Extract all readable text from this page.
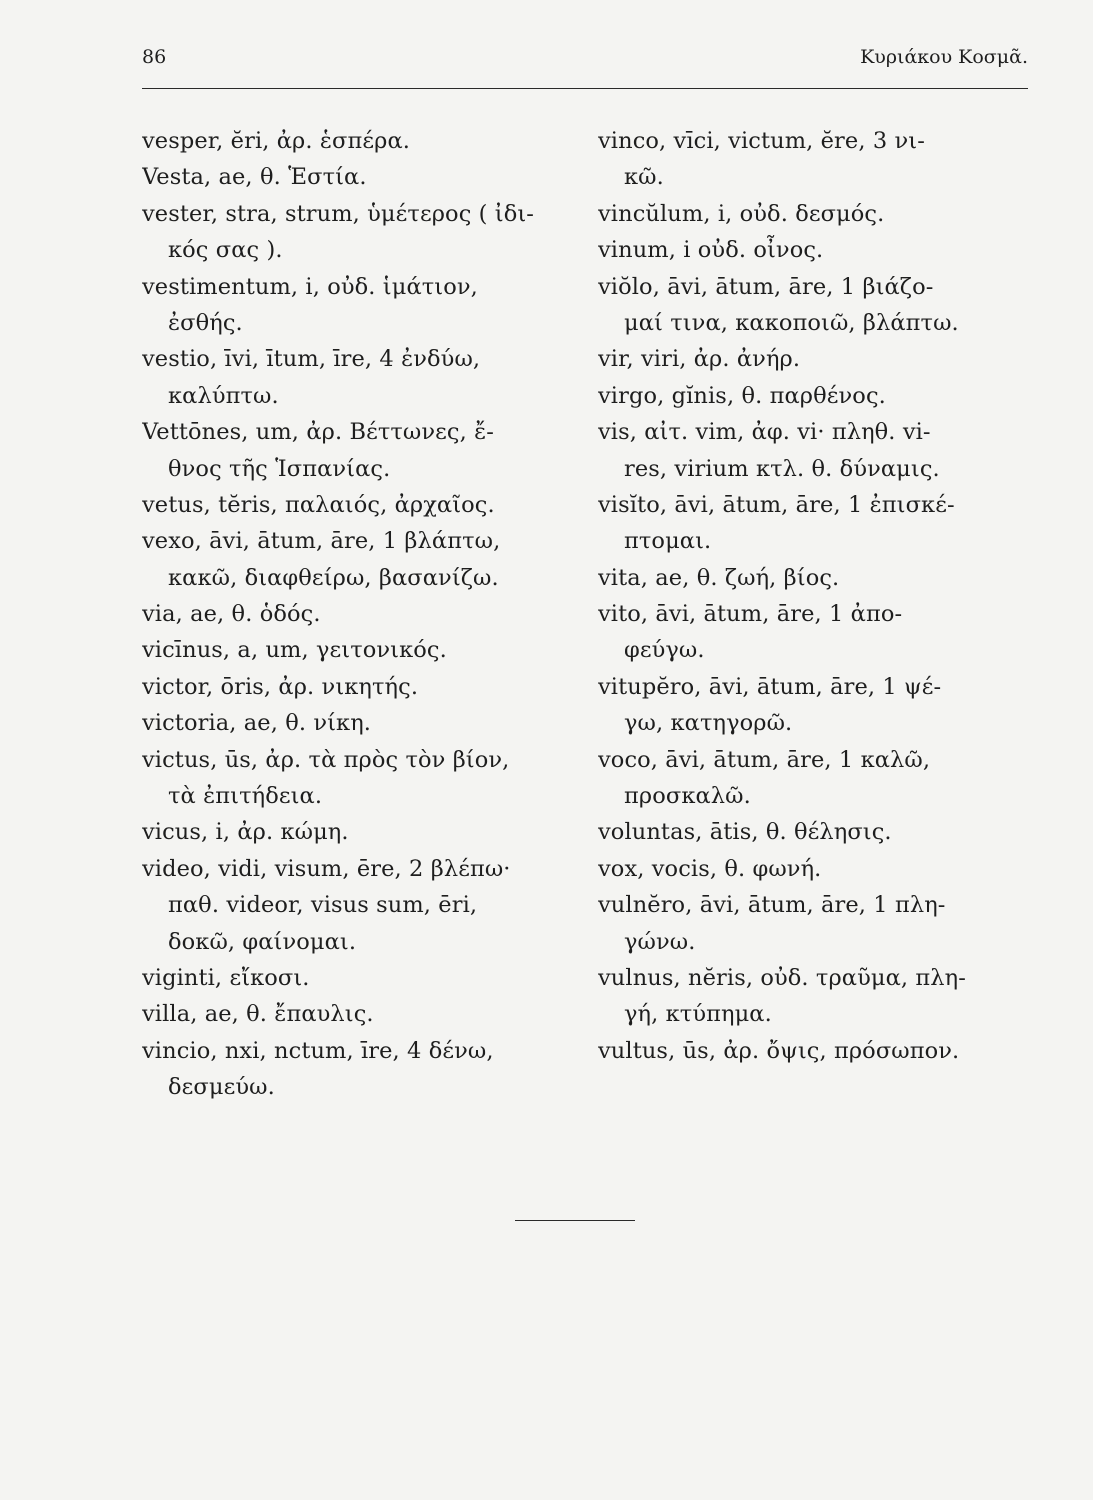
86	Κυριάκου Κοσμᾶ.
vesper, ĕri, ἀρ. ἑσπέρα.
Vesta, ae, θ. Ἑστία.
vester, stra, strum, ὑμέτερος ( ἰδι-
κός σας ).
vestimentum, i, οὐδ. ἱμάτιον,
ἐσθής.
vestio, īvi, ītum, īre, 4 ἐνδύω,
καλύπτω.
Vettōnes, um, ἀρ. Βέττωνες, ἔ-
θνος τῆς Ἱσπανίας.
vetus, tĕris, παλαιός, ἀρχαῖος.
vexo, āvi, ātum, āre, 1 βλάπτω,
κακῶ, διαφθείρω, βασανίζω.
via, ae, θ. ὁδός.
vicīnus, a, um, γειτονικός.
victor, ōris, ἀρ. νικητής.
victoria, ae, θ. νίκη.
victus, ūs, ἀρ. τὰ πρὸς τὸν βίον,
τὰ ἐπιτήδεια.
vicus, i, ἀρ. κώμη.
video, vidi, visum, ēre, 2 βλέπω·
παθ. videor, visus sum, ēri,
δοκῶ, φαίνομαι.
viginti, εἴκοσι.
villa, ae, θ. ἔπαυλις.
vincio, nxi, nctum, īre, 4 δένω,
δεσμεύω.
vinco, vīci, victum, ĕre, 3 νι-
κῶ.
vincŭlum, i, οὐδ. δεσμός.
vinum, i οὐδ. οἶνος.
viŏlo, āvi, ātum, āre, 1 βιάζο-
μαί τινα, κακοποιῶ, βλάπτω.
vir, viri, ἀρ. ἀνήρ.
virgo, gĭnis, θ. παρθένος.
vis, αἰτ. vim, ἀφ. vi· πληθ. vi-
res, virium κτλ. θ. δύναμις.
visĭto, āvi, ātum, āre, 1 ἐπισκέ-
πτομαι.
vita, ae, θ. ζωή, βίος.
vito, āvi, ātum, āre, 1 ἀπο-
φεύγω.
vitupĕro, āvi, ātum, āre, 1 ψέ-
γω, κατηγορῶ.
voco, āvi, ātum, āre, 1 καλῶ,
προσκαλῶ.
voluntas, ātis, θ. θέλησις.
vox, vocis, θ. φωνή.
vulnĕro, āvi, ātum, āre, 1 πλη-
γώνω.
vulnus, nĕris, οὐδ. τραῦμα, πλη-
γή, κτύπημα.
vultus, ūs, ἀρ. ὄψις, πρόσωπον.
